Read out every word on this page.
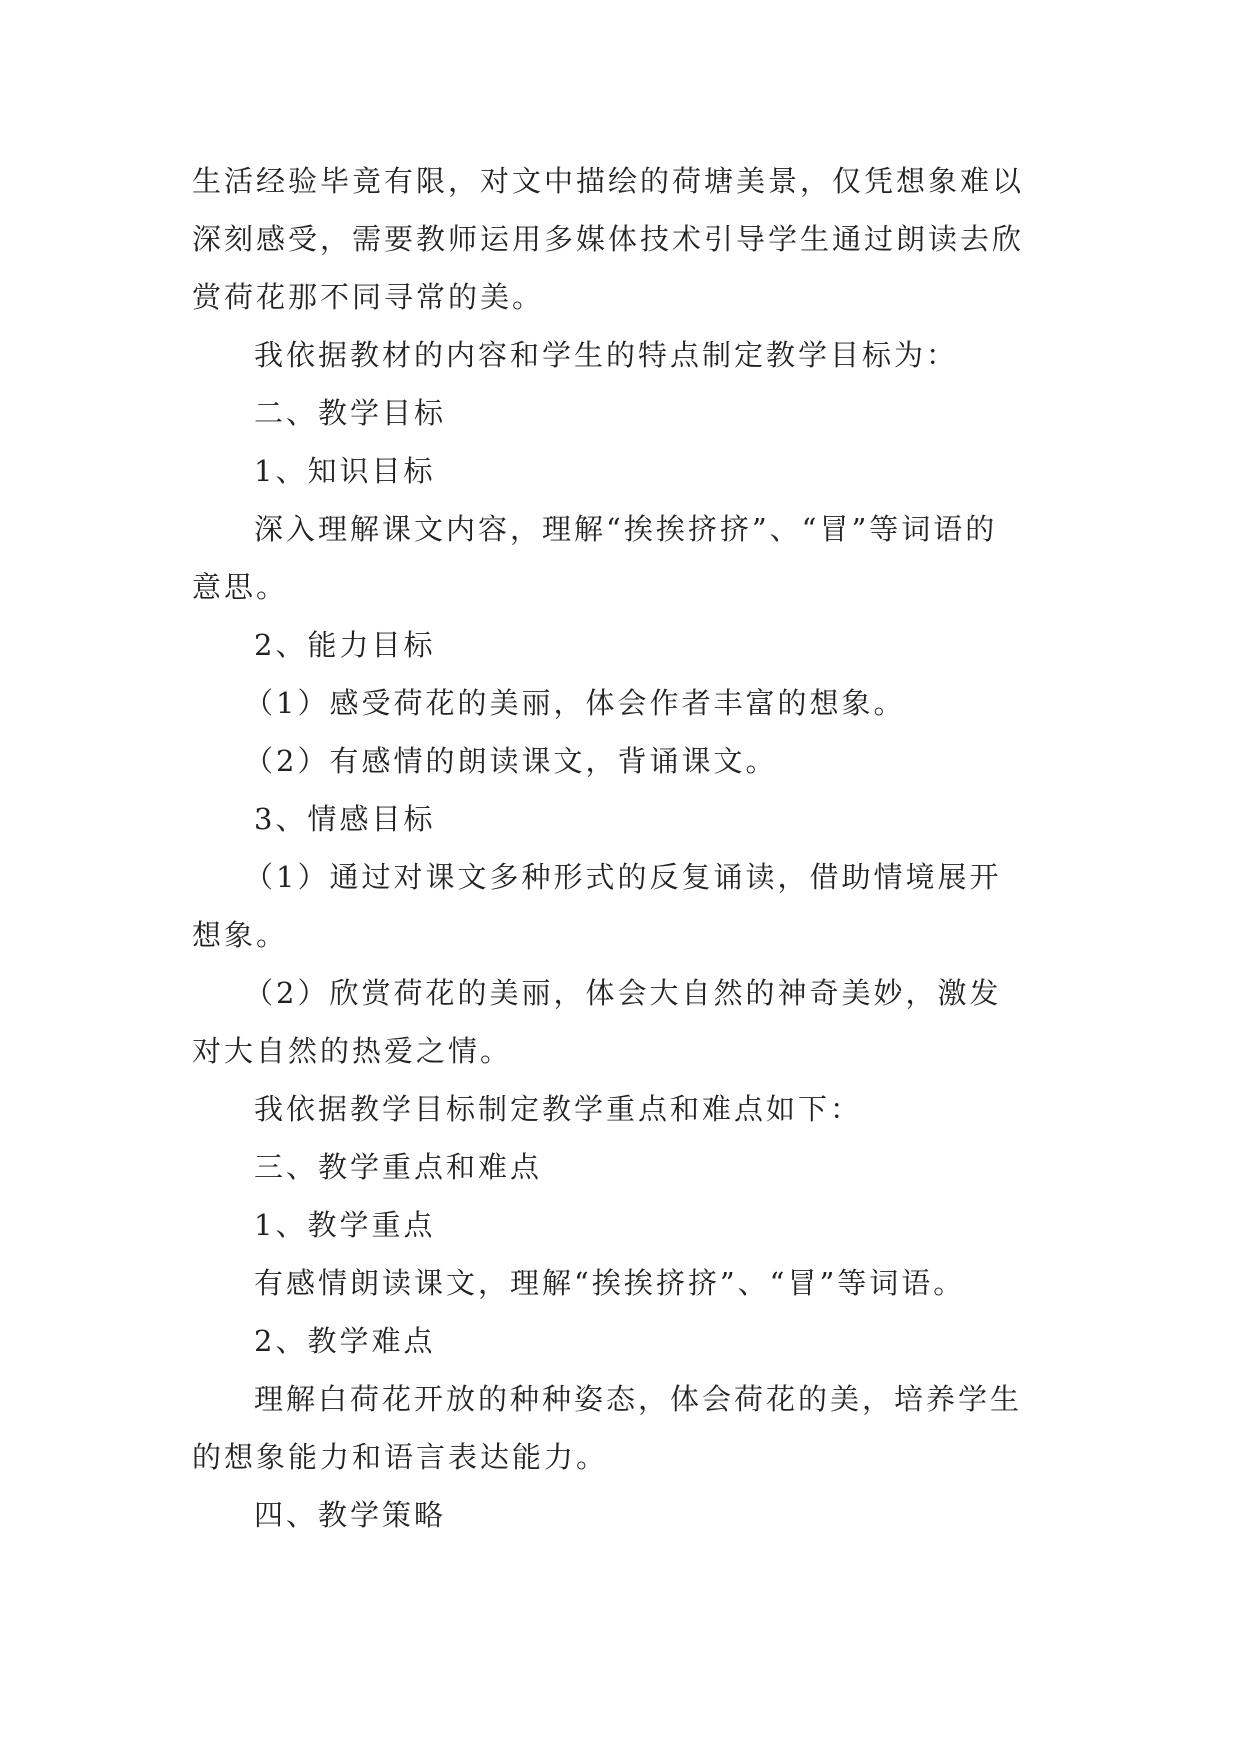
生活经验毕竟有限，对文中描绘的荷塘美景，仅凭想象难以

深刻感受，需要教师运用多媒体技术引导学生通过朗读去欣

赏荷花那不同寻常的美。

我依据教材的内容和学生的特点制定教学目标为：

二、教学目标

1、知识目标

深入理解课文内容，理解“挨挨挤挤”、“冒”等词语的

意思。

2、能力目标

（1）感受荷花的美丽，体会作者丰富的想象。

（2）有感情的朗读课文，背诵课文。

3、情感目标

（1）通过对课文多种形式的反复诵读，借助情境展开

想象。

（2）欣赏荷花的美丽，体会大自然的神奇美妙，激发

对大自然的热爱之情。

我依据教学目标制定教学重点和难点如下：

三、教学重点和难点

1、教学重点

有感情朗读课文，理解“挨挨挤挤”、“冒”等词语。

2、教学难点

理解白荷花开放的种种姿态，体会荷花的美，培养学生

的想象能力和语言表达能力。

四、教学策略
